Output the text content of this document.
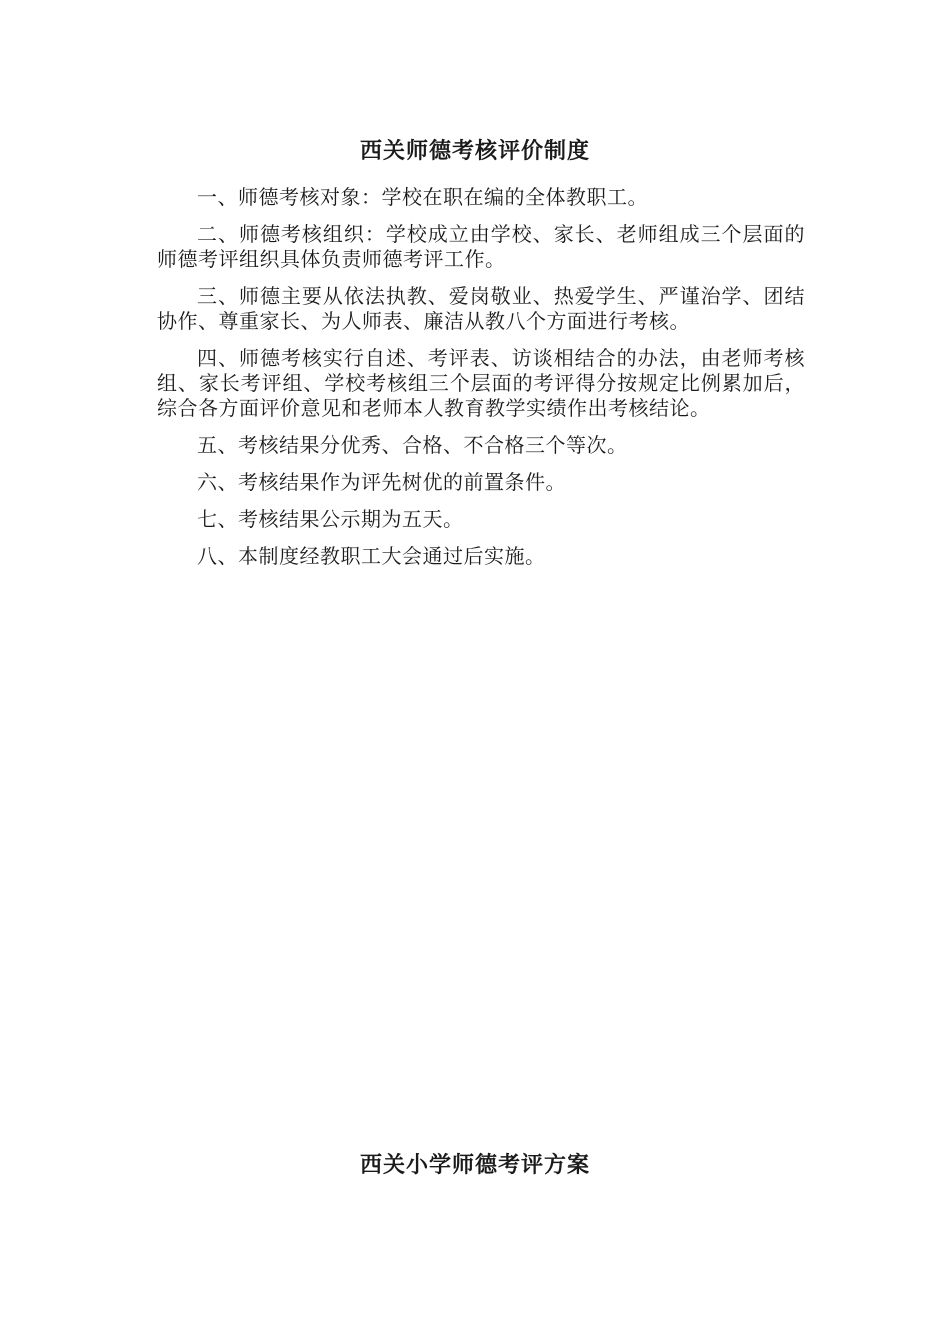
西关师德考核评价制度

一、师德考核对象：学校在职在编的全体教职工。

二、师德考核组织：学校成立由学校、家长、老师组成三个层面的师德考评组织具体负责师德考评工作。

三、师德主要从依法执教、爱岗敬业、热爱学生、严谨治学、团结协作、尊重家长、为人师表、廉洁从教八个方面进行考核。

四、师德考核实行自述、考评表、访谈相结合的办法，由老师考核组、家长考评组、学校考核组三个层面的考评得分按规定比例累加后，综合各方面评价意见和老师本人教育教学实绩作出考核结论。

五、考核结果分优秀、合格、不合格三个等次。

六、考核结果作为评先树优的前置条件。

七、考核结果公示期为五天。

八、本制度经教职工大会通过后实施。

西关小学师德考评方案
